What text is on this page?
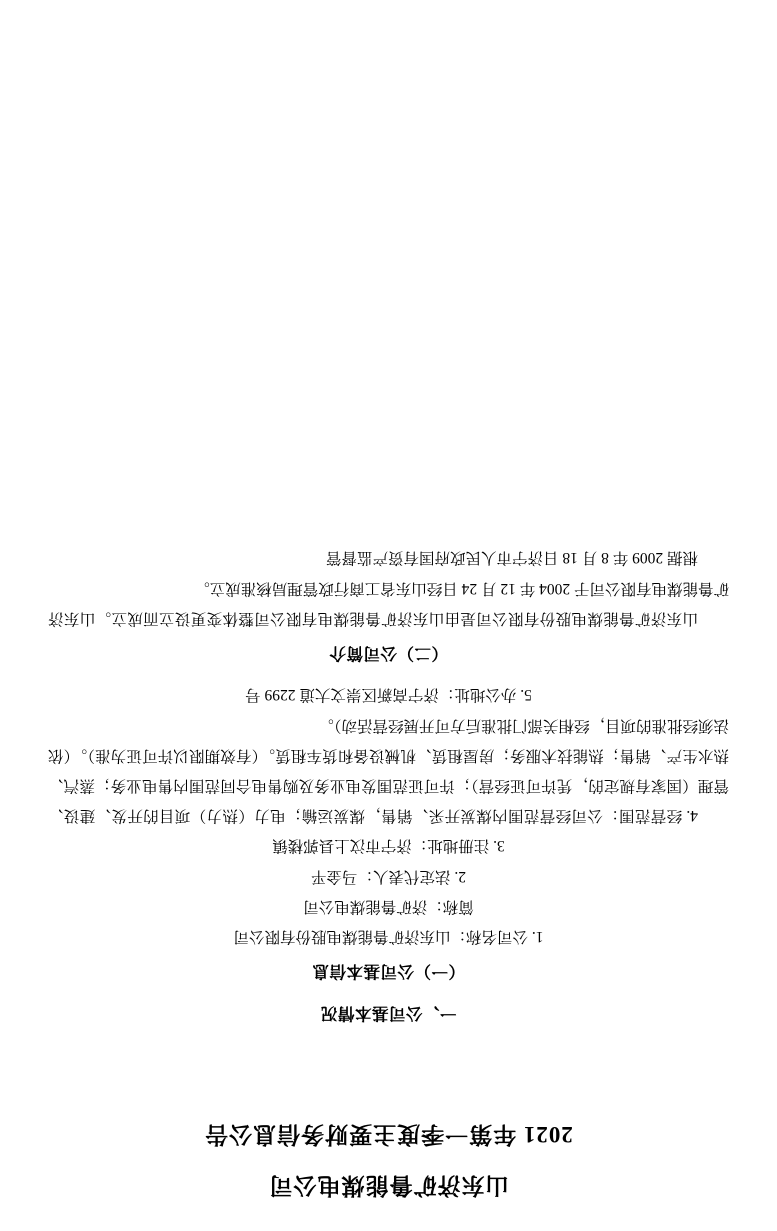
山东济矿鲁能煤电公司
2021 年第一季度主要财务信息公告
一、公司基本情况
（一）公司基本信息

1. 公司名称：山东济矿鲁能煤电股份有限公司

简称：济矿鲁能煤电公司

2. 法定代表人：马金平

3. 注册地址：济宁市汶上县郭楼镇

4. 经营范围：公司经营范围内煤炭开采、销售，煤炭运输；电力（热力）项目的开发、建设、管理（国家有规定的，凭许可证经营）；许可证范围发电业务及购售电合同范围内售电业务；蒸汽、热水生产、销售；热能技术服务；房屋租赁、机械设备和货车租赁。（有效期限以许可证为准）。（依法须经批准的项目，经相关部门批准后方可开展经营活动）。

5. 办公地址：济宁高新区崇文大道 2299 号

（二）公司简介

山东济矿鲁能煤电股份有限公司是由山东济矿鲁能煤电有限公司整体变更设立而成立。山东济矿鲁能煤电有限公司于 2004 年 12 月 24 日经山东省工商行政管理局核准成立。

根据 2009 年 8 月 18 日济宁市人民政府国有资产监督管
